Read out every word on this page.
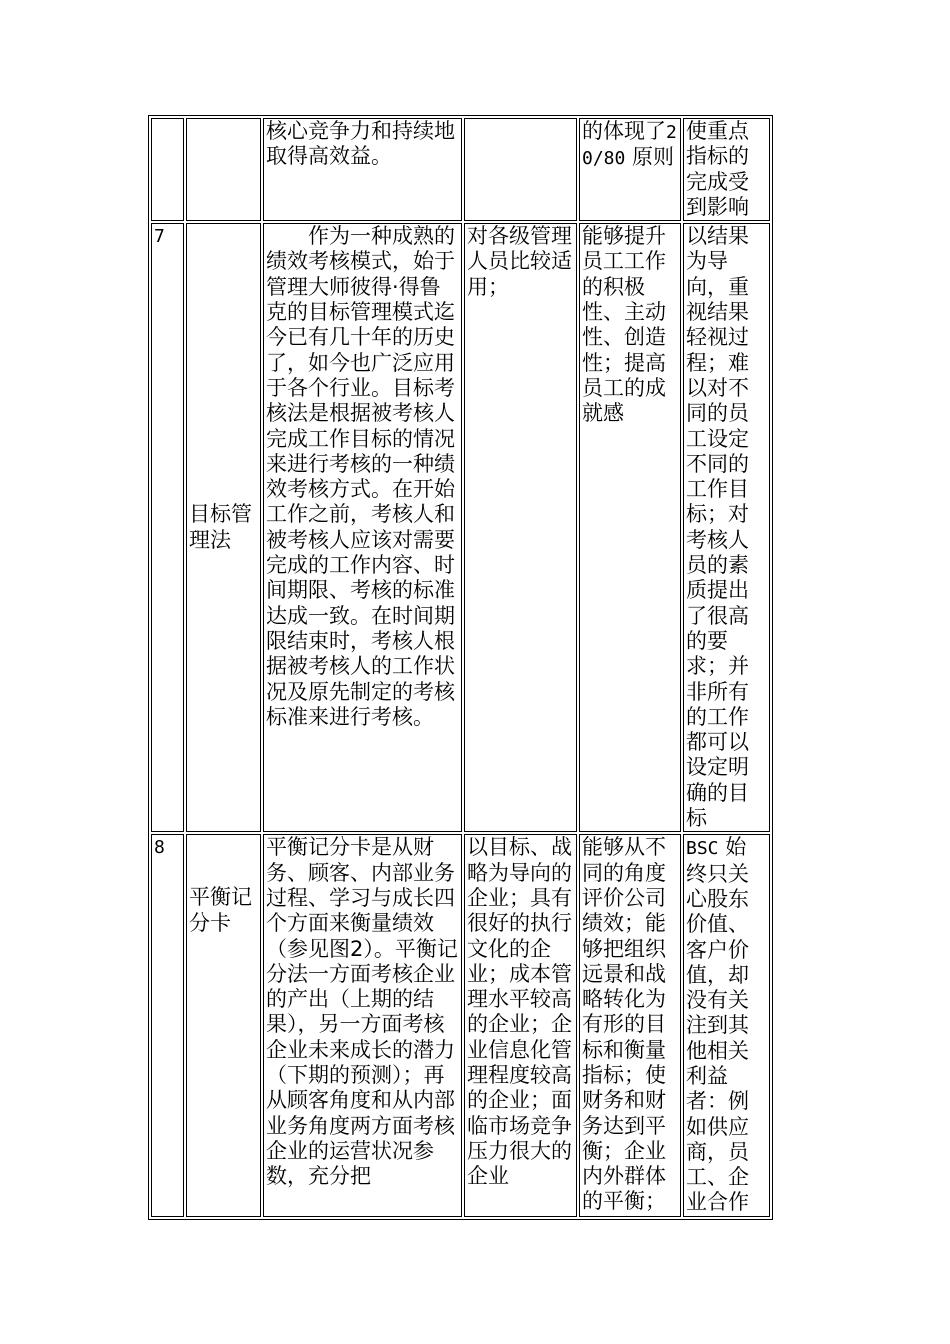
		核心竞争力和持续地取得高效益。		的体现了20/80 原则	使重点指标的完成受到影响
7	目标管理法	作为一种成熟的绩效考核模式，始于管理大师彼得·得鲁克的目标管理模式迄今已有几十年的历史了，如今也广泛应用于各个行业。目标考核法是根据被考核人完成工作目标的情况来进行考核的一种绩效考核方式。在开始工作之前，考核人和被考核人应该对需要完成的工作内容、时间期限、考核的标准达成一致。在时间期限结束时，考核人根据被考核人的工作状况及原先制定的考核标准来进行考核。	对各级管理人员比较适用；	能够提升员工工作的积极性、主动性、创造性；提高员工的成就感	以结果为导向，重视结果轻视过程；难以对不同的员工设定不同的工作目标；对考核人员的素质提出了很高的要求；并非所有的工作都可以设定明确的目标
8	平衡记分卡	平衡记分卡是从财务、顾客、内部业务过程、学习与成长四个方面来衡量绩效（参见图2）。平衡记分法一方面考核企业的产出（上期的结果），另一方面考核企业未来成长的潜力（下期的预测）；再从顾客角度和从内部业务角度两方面考核企业的运营状况参数，充分把	以目标、战略为导向的企业；具有很好的执行文化的企业；成本管理水平较高的企业；企业信息化管理程度较高的企业；面临市场竞争压力很大的企业	能够从不同的角度评价公司绩效；能够把组织远景和战略转化为有形的目标和衡量指标；使财务和财务达到平衡；企业内外群体的平衡；	BSC 始终只关心股东价值、客户价值，却没有关注到其他相关利益者：例如供应商，员工、企业合作
